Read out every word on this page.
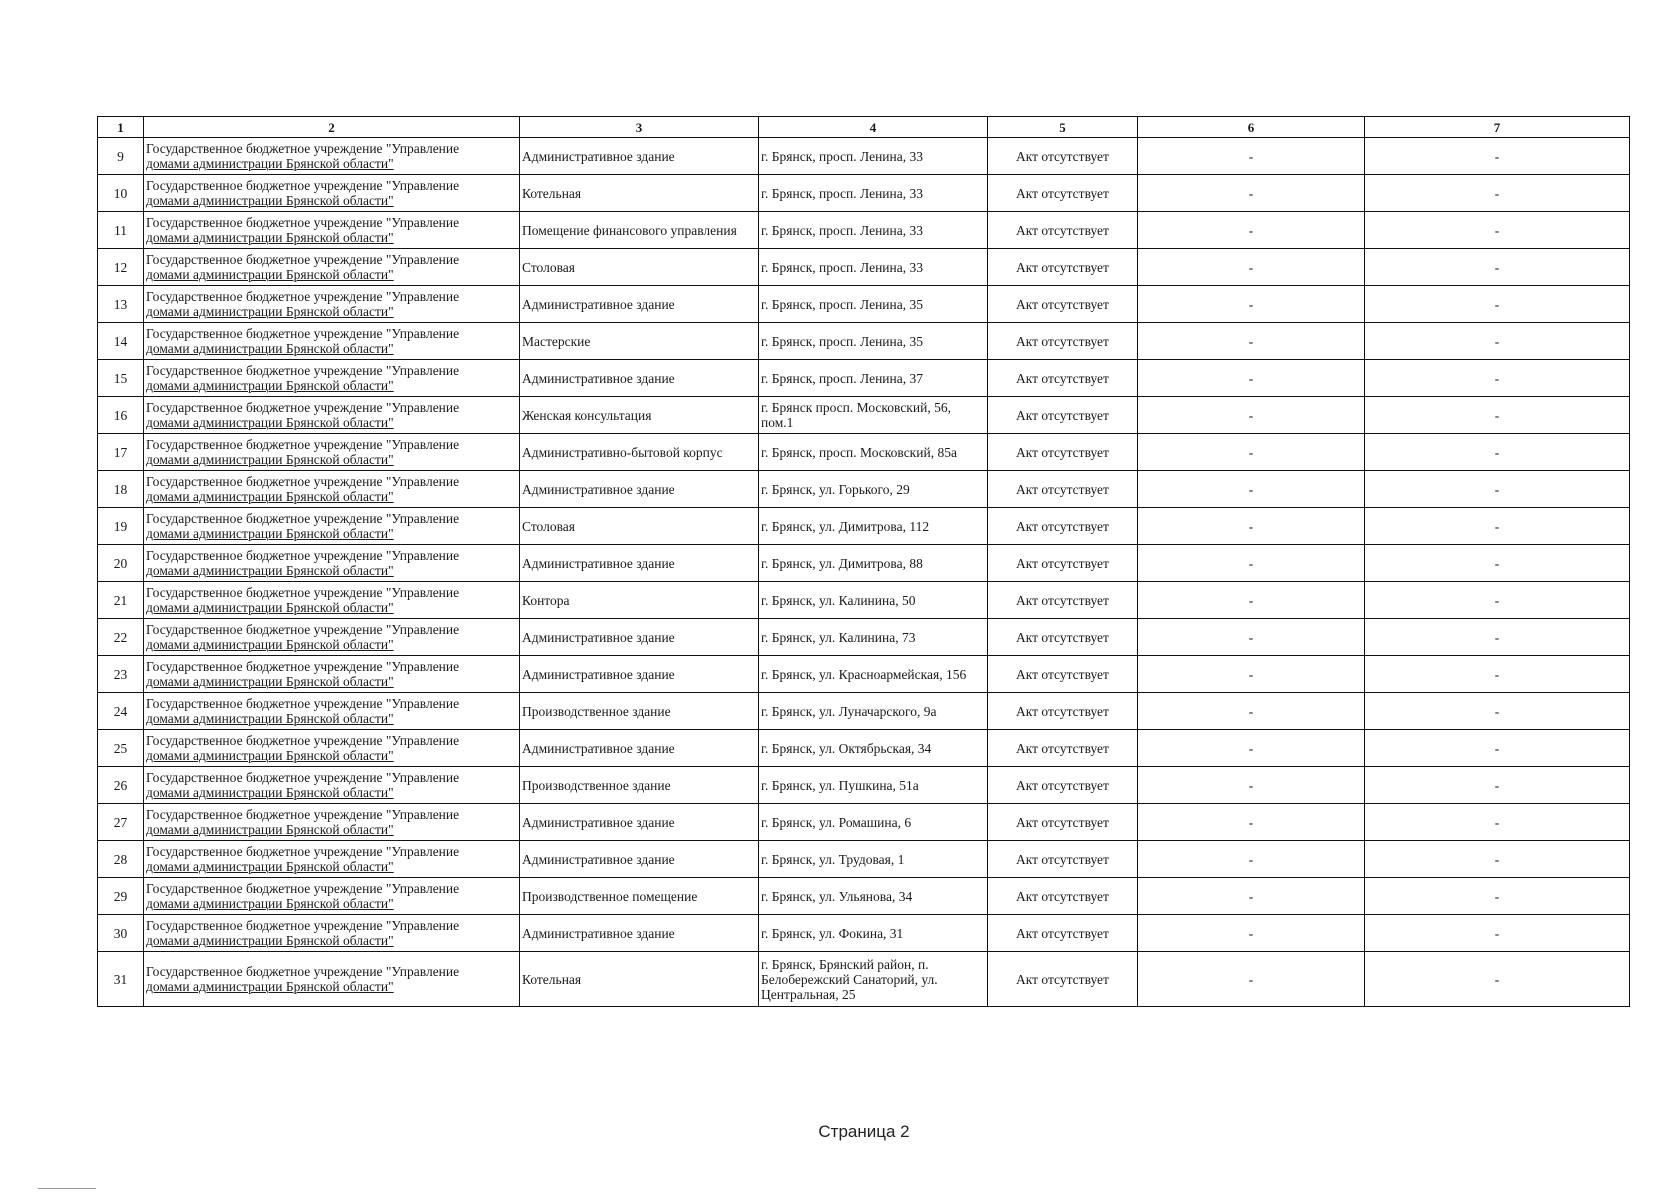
1	2	3	4	5	6	7
9	Государственное бюджетное учреждение "Управление
домами администрации Брянской области"	Административное здание	г. Брянск, просп. Ленина, 33	Акт отсутствует	-	-
10	Государственное бюджетное учреждение "Управление
домами администрации Брянской области"	Котельная	г. Брянск, просп. Ленина, 33	Акт отсутствует	-	-
11	Государственное бюджетное учреждение "Управление
домами администрации Брянской области"	Помещение финансового управления	г. Брянск, просп. Ленина, 33	Акт отсутствует	-	-
12	Государственное бюджетное учреждение "Управление
домами администрации Брянской области"	Столовая	г. Брянск, просп. Ленина, 33	Акт отсутствует	-	-
13	Государственное бюджетное учреждение "Управление
домами администрации Брянской области"	Административное здание	г. Брянск, просп. Ленина, 35	Акт отсутствует	-	-
14	Государственное бюджетное учреждение "Управление
домами администрации Брянской области"	Мастерские	г. Брянск, просп. Ленина, 35	Акт отсутствует	-	-
15	Государственное бюджетное учреждение "Управление
домами администрации Брянской области"	Административное здание	г. Брянск, просп. Ленина, 37	Акт отсутствует	-	-
16	Государственное бюджетное учреждение "Управление
домами администрации Брянской области"	Женская консультация	г. Брянск просп. Московский, 56, пом.1	Акт отсутствует	-	-
17	Государственное бюджетное учреждение "Управление
домами администрации Брянской области"	Административно-бытовой корпус	г. Брянск, просп. Московский, 85а	Акт отсутствует	-	-
18	Государственное бюджетное учреждение "Управление
домами администрации Брянской области"	Административное здание	г. Брянск, ул. Горького, 29	Акт отсутствует	-	-
19	Государственное бюджетное учреждение "Управление
домами администрации Брянской области"	Столовая	г. Брянск, ул. Димитрова, 112	Акт отсутствует	-	-
20	Государственное бюджетное учреждение "Управление
домами администрации Брянской области"	Административное здание	г. Брянск, ул. Димитрова, 88	Акт отсутствует	-	-
21	Государственное бюджетное учреждение "Управление
домами администрации Брянской области"	Контора	г. Брянск, ул. Калинина, 50	Акт отсутствует	-	-
22	Государственное бюджетное учреждение "Управление
домами администрации Брянской области"	Административное здание	г. Брянск, ул. Калинина, 73	Акт отсутствует	-	-
23	Государственное бюджетное учреждение "Управление
домами администрации Брянской области"	Административное здание	г. Брянск, ул. Красноармейская, 156	Акт отсутствует	-	-
24	Государственное бюджетное учреждение "Управление
домами администрации Брянской области"	Производственное здание	г. Брянск, ул. Луначарского, 9а	Акт отсутствует	-	-
25	Государственное бюджетное учреждение "Управление
домами администрации Брянской области"	Административное здание	г. Брянск, ул. Октябрьская, 34	Акт отсутствует	-	-
26	Государственное бюджетное учреждение "Управление
домами администрации Брянской области"	Производственное здание	г. Брянск, ул. Пушкина, 51а	Акт отсутствует	-	-
27	Государственное бюджетное учреждение "Управление
домами администрации Брянской области"	Административное здание	г. Брянск, ул. Ромашина, 6	Акт отсутствует	-	-
28	Государственное бюджетное учреждение "Управление
домами администрации Брянской области"	Административное здание	г. Брянск, ул. Трудовая, 1	Акт отсутствует	-	-
29	Государственное бюджетное учреждение "Управление
домами администрации Брянской области"	Производственное помещение	г. Брянск, ул. Ульянова, 34	Акт отсутствует	-	-
30	Государственное бюджетное учреждение "Управление
домами администрации Брянской области"	Административное здание	г. Брянск, ул. Фокина, 31	Акт отсутствует	-	-
31	Государственное бюджетное учреждение "Управление
домами администрации Брянской области"	Котельная	г. Брянск, Брянский район, п. Белобережский Санаторий, ул. Центральная, 25	Акт отсутствует	-	-
Страница 2
